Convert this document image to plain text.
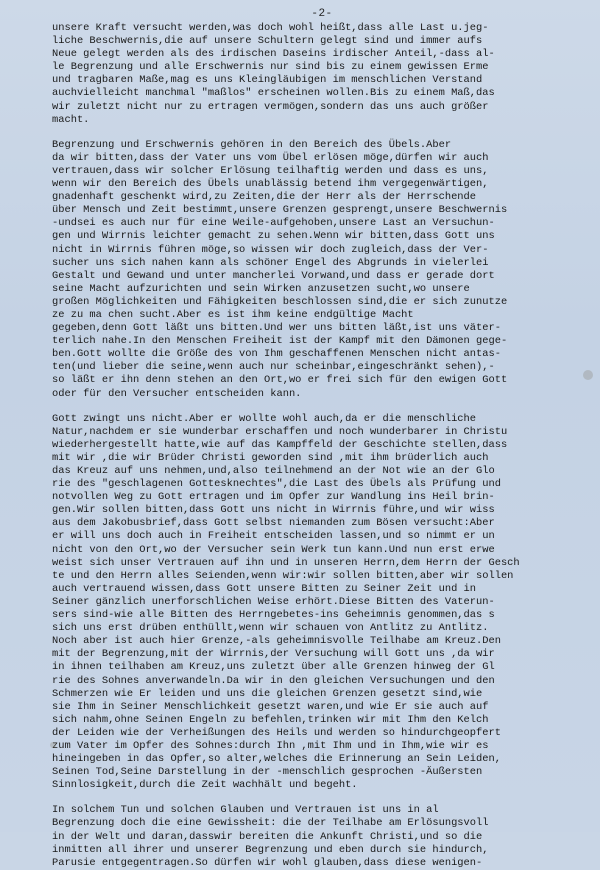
-2-
unsere Kraft versucht werden,was doch wohl heißt,dass alle Last u.jeg-
liche Beschwernis,die auf unsere Schultern gelegt sind und immer aufs
Neue gelegt werden als des irdischen Daseins irdischer Anteil,-dass al-
le Begrenzung und alle Erschwernis nur sind bis zu einem gewissen Erme
und tragbaren Maße,mag es uns Kleingläubigen im menschlichen Verstand
auchvielleicht manchmal "maßlos" erscheinen wollen.Bis zu einem Maß,das
wir zuletzt nicht nur zu ertragen vermögen,sondern das uns auch größer
macht.
Begrenzung und Erschwernis gehören in den Bereich des Übels.Aber
da wir bitten,dass der Vater uns vom Übel erlösen möge,dürfen wir auch
vertrauen,dass wir solcher Erlösung teilhaftig werden und dass es uns,
wenn wir den Bereich des Übels unablässig betend ihm vergegenwärtigen,
gnadenhaft geschenkt wird,zu Zeiten,die der Herr als der Herrschende
über Mensch und Zeit bestimmt,unsere Grenzen gesprengt,unsere Beschwernis
-undsei es auch nur für eine Weile-aufgehoben,unsere Last an Versuchun-
gen und Wirrnis leichter gemacht zu sehen.Wenn wir bitten,dass Gott uns
nicht in Wirrnis führen möge,so wissen wir doch zugleich,dass der Ver-
sucher uns sich nahen kann als schöner Engel des Abgrunds in vielerlei
Gestalt und Gewand und unter mancherlei Vorwand,und dass er gerade dort
seine Macht aufzurichten und sein Wirken anzusetzen sucht,wo unsere
großen Möglichkeiten und Fähigkeiten beschlossen sind,die er sich zunutze
ze zu ma chen sucht.Aber es ist ihm keine endgültige Macht
gegeben,denn Gott läßt uns bitten.Und wer uns bitten läßt,ist uns väter-
terlich nahe.In den Menschen Freiheit ist der Kampf mit den Dämonen gege-
ben.Gott wollte die Größe des von Ihm geschaffenen Menschen nicht antas-
ten(und lieber die seine,wenn auch nur scheinbar,eingeschränkt sehen),-
so läßt er ihn denn stehen an den Ort,wo er frei sich für den ewigen Gott
oder für den Versucher entscheiden kann.
Gott zwingt uns nicht.Aber er wollte wohl auch,da er die menschliche
Natur,nachdem er sie wunderbar erschaffen und noch wunderbarer in Christu
wiederhergestellt hatte,wie auf das Kampffeld der Geschichte stellen,dass
mit wir ,die wir Brüder Christi geworden sind ,mit ihm brüderlich auch
das Kreuz auf uns nehmen,und,also teilnehmend an der Not wie an der Glo
rie des "geschlagenen Gottesknechtes",die Last des Übels als Prüfung und
notvollen Weg zu Gott ertragen und im Opfer zur Wandlung ins Heil brin-
gen.Wir sollen bitten,dass Gott uns nicht in Wirrnis führe,und wir wiss
aus dem Jakobusbrief,dass Gott selbst niemanden zum Bösen versucht:Aber
er will uns doch auch in Freiheit entscheiden lassen,und so nimmt er un
nicht von den Ort,wo der Versucher sein Werk tun kann.Und nun erst erwe
weist sich unser Vertrauen auf ihn und in unseren Herrn,dem Herrn der Gesch
te und den Herrn alles Seienden,wenn wir:wir sollen bitten,aber wir sollen
auch vertrauend wissen,dass Gott unsere Bitten zu Seiner Zeit und in
Seiner gänzlich unerforschlichen Weise erhört.Diese Bitten des Vaterun-
sers sind-wie alle Bitten des Herrngebetes-ins Geheimnis genommen,das s
sich uns erst drüben enthüllt,wenn wir schauen von Antlitz zu Antlitz.
Noch aber ist auch hier Grenze,-als geheimnisvolle Teilhabe am Kreuz.Den
mit der Begrenzung,mit der Wirrnis,der Versuchung will Gott uns ,da wir
in ihnen teilhaben am Kreuz,uns zuletzt über alle Grenzen hinweg der Gl
rie des Sohnes anverwandeln.Da wir in den gleichen Versuchungen und den
Schmerzen wie Er leiden und uns die gleichen Grenzen gesetzt sind,wie
sie Ihm in Seiner Menschlichkeit gesetzt waren,und wie Er sie auch auf
sich nahm,ohne Seinen Engeln zu befehlen,trinken wir mit Ihm den Kelch
der Leiden wie der Verheißungen des Heils und werden so hindurchgeopfert
zum Vater im Opfer des Sohnes:durch Ihn ,mit Ihm und in Ihm,wie wir es
hineingeben in das Opfer,so alter,welches die Erinnerung an Sein Leiden,
Seinen Tod,Seine Darstellung in der -menschlich gesprochen -Äußersten
Sinnlosigkeit,durch die Zeit wachhält und begeht.
In solchem Tun und solchen Glauben und Vertrauen ist uns in al
Begrenzung doch die eine Gewissheit: die der Teilhabe am Erlösungsvoll
in der Welt und daran,dasswir bereiten die Ankunft Christi,und so die
inmitten all ihrer und unserer Begrenzung und eben durch sie hindurch,
Parusie entgegentragen.So dürfen wir wohl glauben,dass diese wenigen-
